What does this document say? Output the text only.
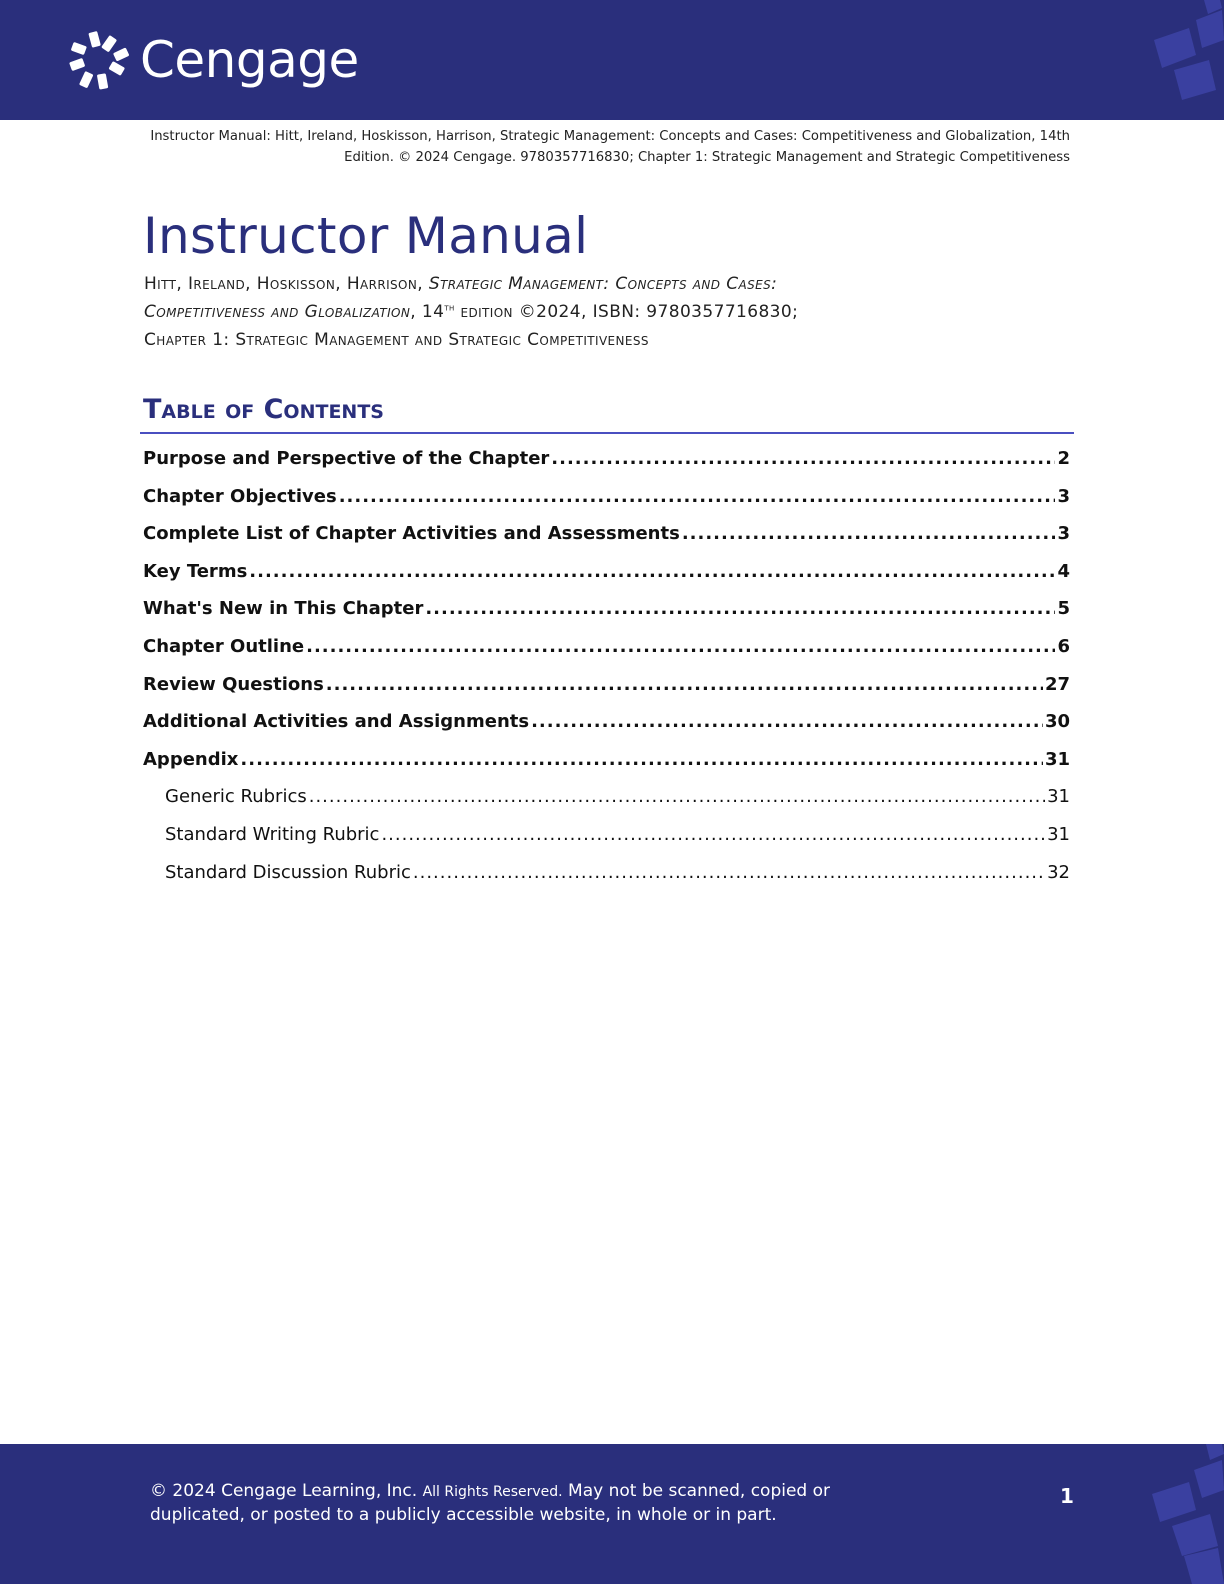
Cengage
Instructor Manual: Hitt, Ireland, Hoskisson, Harrison, Strategic Management: Concepts and Cases: Competitiveness and Globalization, 14th Edition. © 2024 Cengage. 9780357716830; Chapter 1: Strategic Management and Strategic Competitiveness
Instructor Manual
Hitt, Ireland, Hoskisson, Harrison, Strategic Management: Concepts and Cases:
Competitiveness and Globalization, 14th edition ©2024, ISBN: 9780357716830;
Chapter 1: Strategic Management and Strategic Competitiveness
Table of Contents
Purpose and Perspective of the Chapter .....	2
Chapter Objectives .....	3
Complete List of Chapter Activities and Assessments .....	3
Key Terms .....	4
What's New in This Chapter .....	5
Chapter Outline .....	6
Review Questions .....	27
Additional Activities and Assignments .....	30
Appendix .....	31
Generic Rubrics .....	31
Standard Writing Rubric .....	31
Standard Discussion Rubric .....	32
© 2024 Cengage Learning, Inc. All Rights Reserved. May not be scanned, copied or duplicated, or posted to a publicly accessible website, in whole or in part.
1
